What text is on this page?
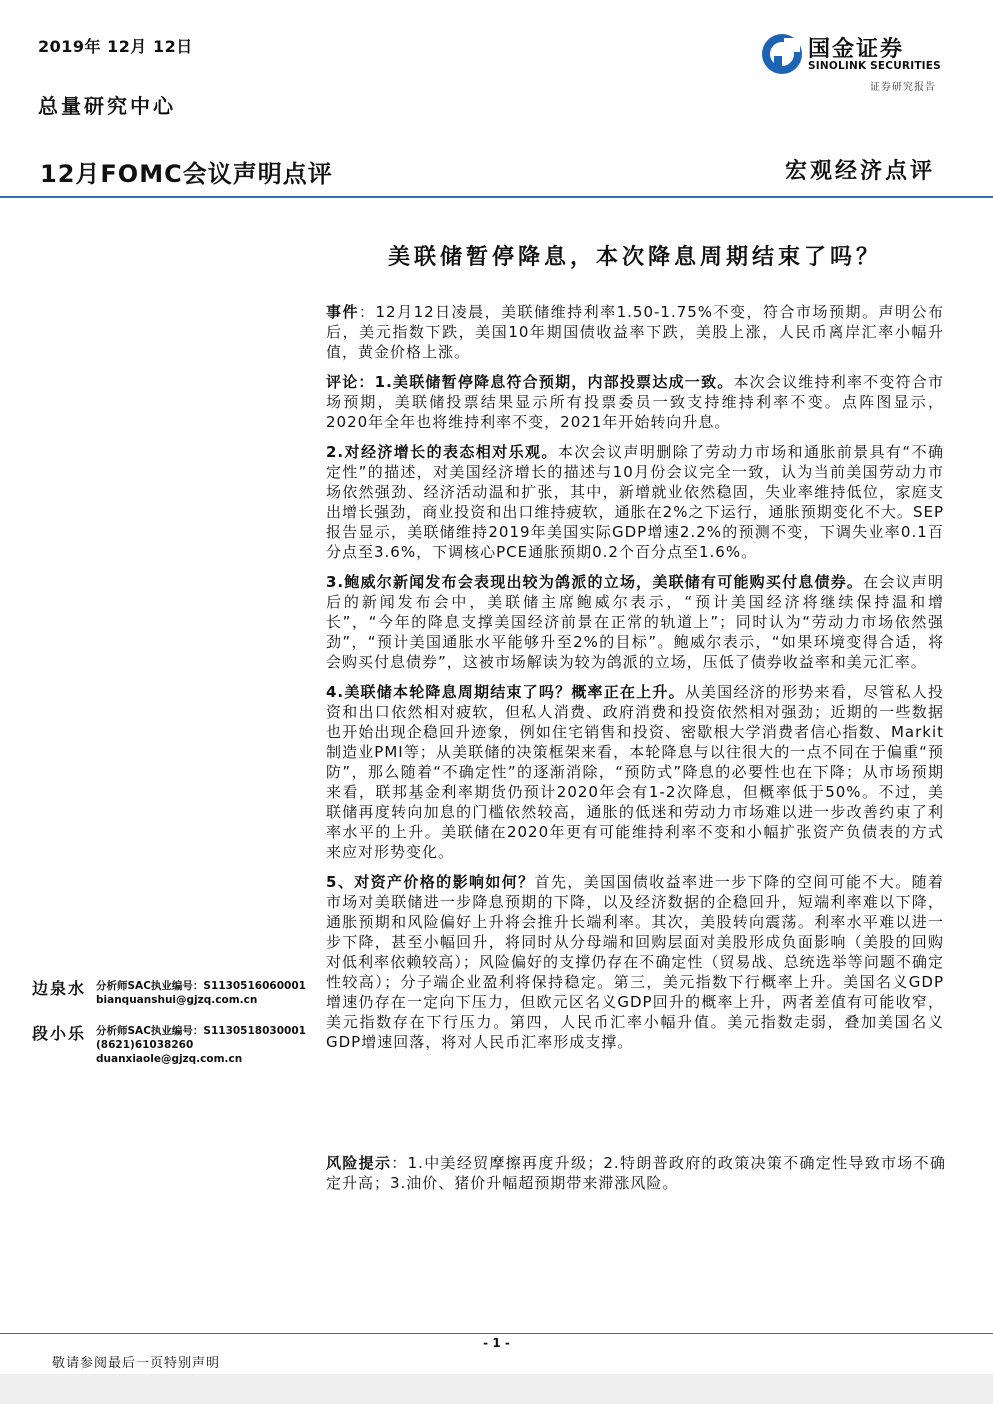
2019年 12月 12日
总量研究中心
国金证券
SINOLINK SECURITIES
证券研究报告
12月FOMC会议声明点评	宏观经济点评
美联储暂停降息，本次降息周期结束了吗？

事件：12月12日凌晨，美联储维持利率1.50-1.75%不变，符合市场预期。声明公布后，美元指数下跌，美国10年期国债收益率下跌，美股上涨，人民币离岸汇率小幅升值，黄金价格上涨。

评论：1.美联储暂停降息符合预期，内部投票达成一致。本次会议维持利率不变符合市场预期，美联储投票结果显示所有投票委员一致支持维持利率不变。点阵图显示，2020年全年也将维持利率不变，2021年开始转向升息。

2.对经济增长的表态相对乐观。本次会议声明删除了劳动力市场和通胀前景具有“不确定性”的描述，对美国经济增长的描述与10月份会议完全一致，认为当前美国劳动力市场依然强劲、经济活动温和扩张，其中，新增就业依然稳固，失业率维持低位，家庭支出增长强劲，商业投资和出口维持疲软，通胀在2%之下运行，通胀预期变化不大。SEP报告显示，美联储维持2019年美国实际GDP增速2.2%的预测不变，下调失业率0.1百分点至3.6%，下调核心PCE通胀预期0.2个百分点至1.6%。

3.鲍威尔新闻发布会表现出较为鸽派的立场，美联储有可能购买付息债券。在会议声明后的新闻发布会中，美联储主席鲍威尔表示，“预计美国经济将继续保持温和增长”，“今年的降息支撑美国经济前景在正常的轨道上”；同时认为“劳动力市场依然强劲”，“预计美国通胀水平能够升至2%的目标”。鲍威尔表示，“如果环境变得合适，将会购买付息债券”，这被市场解读为较为鸽派的立场，压低了债券收益率和美元汇率。

4.美联储本轮降息周期结束了吗？概率正在上升。从美国经济的形势来看，尽管私人投资和出口依然相对疲软，但私人消费、政府消费和投资依然相对强劲；近期的一些数据也开始出现企稳回升迹象，例如住宅销售和投资、密歇根大学消费者信心指数、Markit制造业PMI等；从美联储的决策框架来看，本轮降息与以往很大的一点不同在于偏重“预防”，那么随着“不确定性”的逐渐消除，“预防式”降息的必要性也在下降；从市场预期来看，联邦基金利率期货仍预计2020年会有1-2次降息，但概率低于50%。不过，美联储再度转向加息的门槛依然较高，通胀的低迷和劳动力市场难以进一步改善约束了利率水平的上升。美联储在2020年更有可能维持利率不变和小幅扩张资产负债表的方式来应对形势变化。

5、对资产价格的影响如何？首先，美国国债收益率进一步下降的空间可能不大。随着市场对美联储进一步降息预期的下降，以及经济数据的企稳回升，短端利率难以下降，通胀预期和风险偏好上升将会推升长端利率。其次，美股转向震荡。利率水平难以进一步下降，甚至小幅回升，将同时从分母端和回购层面对美股形成负面影响（美股的回购对低利率依赖较高）；风险偏好的支撑仍存在不确定性（贸易战、总统选举等问题不确定性较高）；分子端企业盈利将保持稳定。第三，美元指数下行概率上升。美国名义GDP增速仍存在一定向下压力，但欧元区名义GDP回升的概率上升，两者差值有可能收窄，美元指数存在下行压力。第四，人民币汇率小幅升值。美元指数走弱，叠加美国名义GDP增速回落，将对人民币汇率形成支撑。

风险提示：1.中美经贸摩擦再度升级；2.特朗普政府的政策决策不确定性导致市场不确定升高；3.油价、猪价升幅超预期带来滞涨风险。
边泉水 分析师SAC执业编号：S1130516060001
bianquanshui@gjzq.com.cn
段小乐 分析师SAC执业编号：S1130518030001
(8621)61038260
duanxiaole@gjzq.com.cn
- 1 -
敬请参阅最后一页特别声明
